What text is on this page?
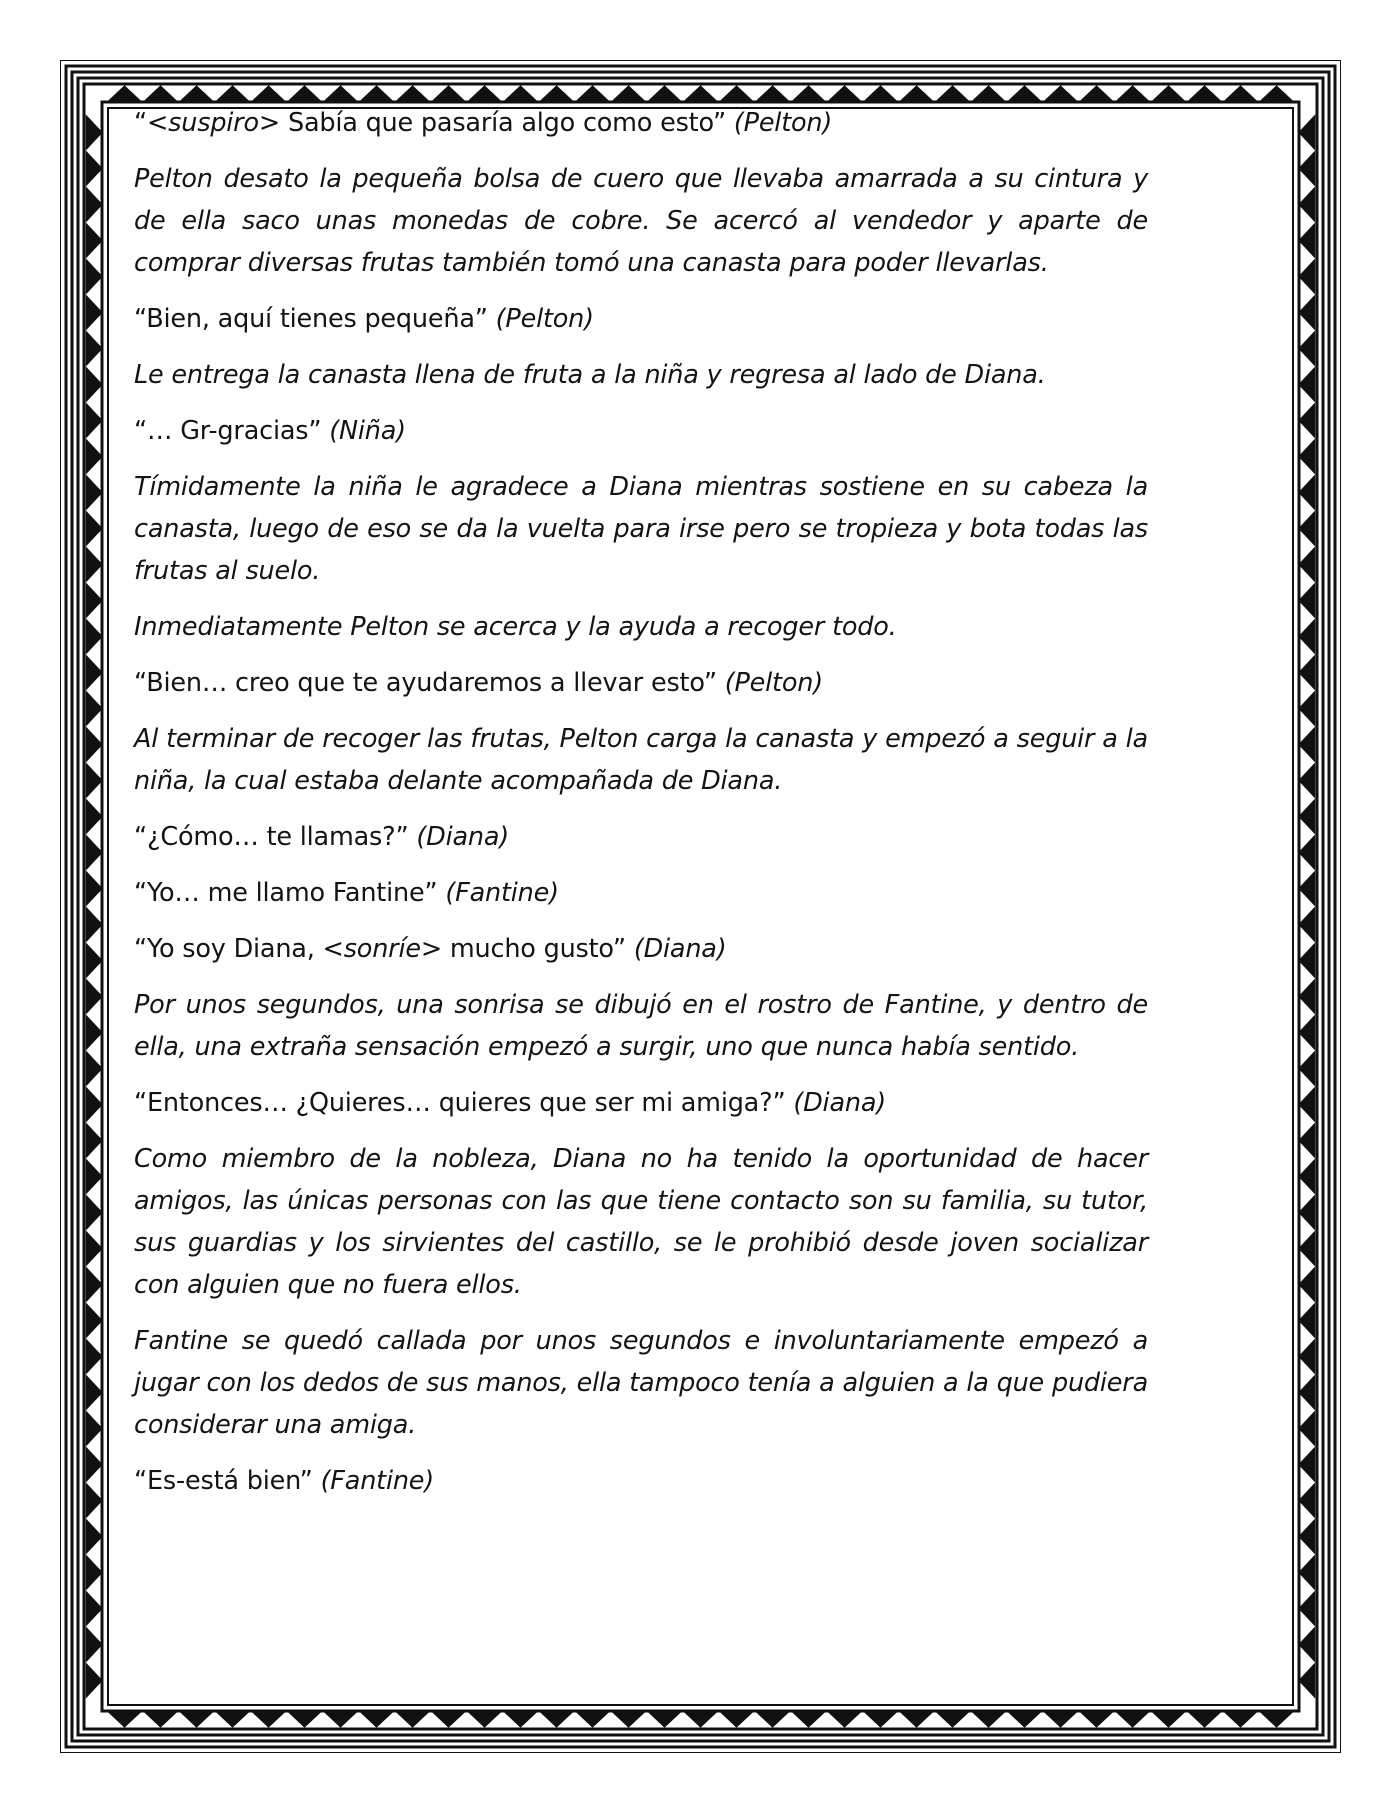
“<suspiro> Sabía que pasaría algo como esto” (Pelton)

Pelton desato la pequeña bolsa de cuero que llevaba amarrada a su cintura y de ella saco unas monedas de cobre. Se acercó al vendedor y aparte de comprar diversas frutas también tomó una canasta para poder llevarlas.

“Bien, aquí tienes pequeña” (Pelton)

Le entrega la canasta llena de fruta a la niña y regresa al lado de Diana.

“… Gr-gracias” (Niña)

Tímidamente la niña le agradece a Diana mientras sostiene en su cabeza la canasta, luego de eso se da la vuelta para irse pero se tropieza y bota todas las frutas al suelo.

Inmediatamente Pelton se acerca y la ayuda a recoger todo.

“Bien… creo que te ayudaremos a llevar esto” (Pelton)

Al terminar de recoger las frutas, Pelton carga la canasta y empezó a seguir a la niña, la cual estaba delante acompañada de Diana.

“¿Cómo… te llamas?” (Diana)

“Yo… me llamo Fantine” (Fantine)

“Yo soy Diana, <sonríe> mucho gusto” (Diana)

Por unos segundos, una sonrisa se dibujó en el rostro de Fantine, y dentro de ella, una extraña sensación empezó a surgir, uno que nunca había sentido.

“Entonces… ¿Quieres… quieres que ser mi amiga?” (Diana)

Como miembro de la nobleza, Diana no ha tenido la oportunidad de hacer amigos, las únicas personas con las que tiene contacto son su familia, su tutor, sus guardias y los sirvientes del castillo, se le prohibió desde joven socializar con alguien que no fuera ellos.

Fantine se quedó callada por unos segundos e involuntariamente empezó a jugar con los dedos de sus manos, ella tampoco tenía a alguien a la que pudiera considerar una amiga.

“Es-está bien” (Fantine)
